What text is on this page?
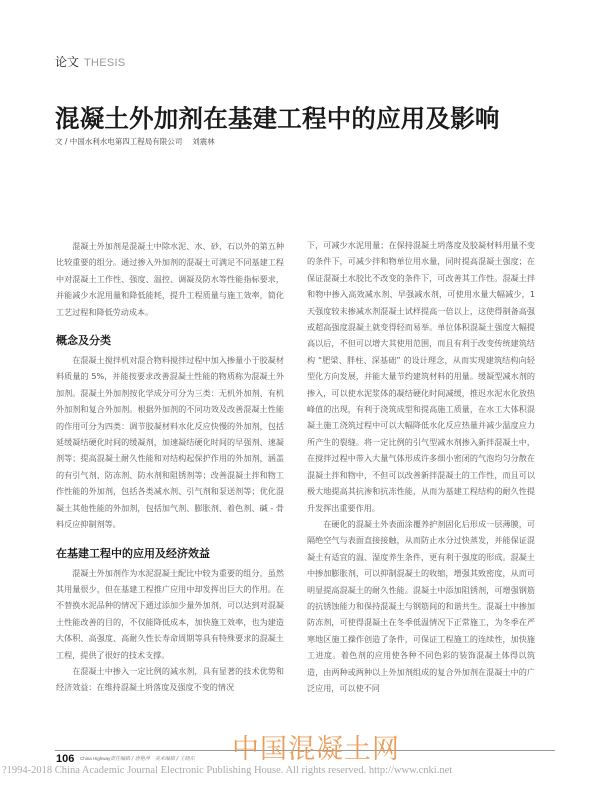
论文 THESIS
混凝土外加剂在基建工程中的应用及影响
文 / 中国水利水电第四工程局有限公司 刘震林

混凝土外加剂是混凝土中除水泥、水、砂、石以外的第五种比较重要的组分。通过掺入外加剂的混凝土可满足不同基建工程中对混凝土工作性、强度、温控、调凝及防水等性能指标要求，并能减少水泥用量和降低能耗，提升工程质量与施工效率，简化工艺过程和降低劳动成本。

概念及分类

在混凝土搅拌机对混合物料搅拌过程中加入掺量小于胶凝材料质量的 5%，并能按要求改善混凝土性能的物质称为混凝土外加剂。混凝土外加剂按化学成分可分为三类：无机外加剂、有机外加剂和复合外加剂。根据外加剂的不同功效及改善混凝土性能的作用可分为四类：调节胶凝材料水化反应快慢的外加剂，包括延缓凝结硬化时间的缓凝剂，加速凝结硬化时间的早强剂、速凝剂等；提高混凝土耐久性能和对结构起保护作用的外加剂，涵盖的有引气剂、防冻剂、防水剂和阻锈剂等；改善混凝土拌和物工作性能的外加剂，包括各类减水剂、引气剂和泵送剂等；优化混凝土其他性能的外加剂，包括加气剂、膨胀剂、着色剂、碱 - 骨料反应抑制剂等。

在基建工程中的应用及经济效益

混凝土外加剂作为水泥混凝土配比中较为重要的组分，虽然其用量很少，但在基建工程推广应用中却发挥出巨大的作用。在不替换水泥品种的情况下通过添加少量外加剂，可以达到对混凝土性能改善的目的，不仅能降低成本，加快施工效率，也为建造大体积、高强度、高耐久性长寿命周期等具有特殊要求的混凝土工程，提供了很好的技术支撑。

在混凝土中掺入一定比例的减水剂，具有显著的技术优势和经济效益：在维持混凝土坍落度及强度不变的情况

下，可减少水泥用量；在保持混凝土坍落度及胶凝材料用量不变的条件下，可减少拌和物单位用水量，同时提高混凝土强度；在保证混凝土水胶比不改变的条件下，可改善其工作性。混凝土拌和物中掺入高效减水剂、早强减水剂，可使用水量大幅减少，1 天强度较未掺减水剂混凝土试样提高一倍以上，这使得制备高强或超高强度混凝土就变得轻而易举。单位体积混凝土强度大幅提高以后，不但可以增大其使用范围，而且有利于改变传统建筑结构 “肥梁、胖柱、深基础” 的设计理念，从而实现建筑结构向轻型化方向发展，并能大量节约建筑材料的用量。缓凝型减水剂的掺入，可以使水泥浆体的凝结硬化时间减缓，推迟水泥水化放热峰值的出现，有利于浇筑成型和提高施工质量，在水工大体积混凝土施工浇筑过程中可以大幅降低水化反应热量并减少温度应力所产生的裂缝。将一定比例的引气型减水剂掺入新拌混凝土中，在搅拌过程中带入大量气体形成许多细小密闭的气泡均匀分散在混凝土拌和物中，不但可以改善新拌混凝土的工作性，而且可以极大地提高其抗渗和抗冻性能，从而为基建工程结构的耐久性提升发挥出重要作用。

在硬化的混凝土外表面涂覆养护剂固化后形成一层薄膜，可隔绝空气与表面直接接触，从而防止水分过快蒸发，并能保证混凝土有适宜的温、湿度养生条件，更有利于强度的形成。混凝土中掺加膨胀剂，可以抑制混凝土的收缩，增强其致密度，从而可明显提高混凝土的耐久性能。混凝土中添加阻锈剂，可增强钢筋的抗锈蚀能力和保持混凝土与钢筋间的和谐共生。混凝土中掺加防冻剂，可使得混凝土在冬季低温情况下正常施工，为冬季在严寒地区施工操作创造了条件，可保证工程施工的连续性，加快施工进度。着色剂的应用使各种不同色彩的装饰混凝土体得以筑造，由两种或两种以上外加剂组成的复合外加剂在混凝土中的广泛应用，可以使不同

106 China Highway 责任编辑 / 唐艳萍　美术编辑 / 王晓东
?1994-2018 China Academic Journal Electronic Publishing House. All rights reserved. http://www.cnki.net
中国混凝土网
